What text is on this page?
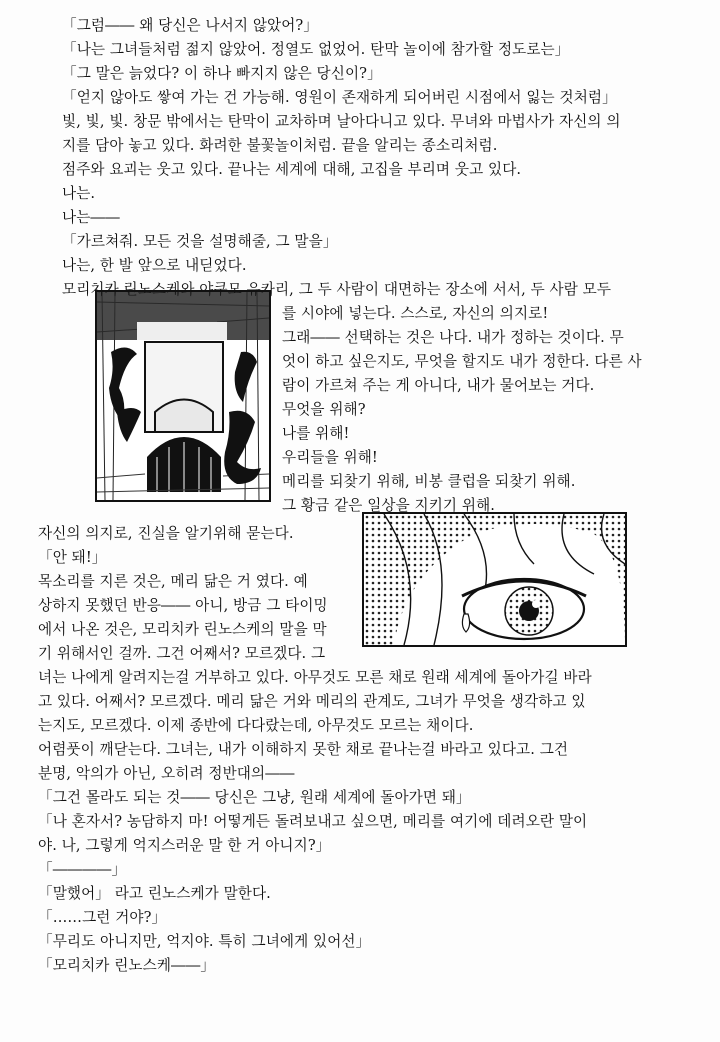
「그럼―― 왜 당신은 나서지 않았어?」
「나는 그녀들처럼 젊지 않았어. 정열도 없었어. 탄막 놀이에 참가할 정도로는」
「그 말은 늙었다? 이 하나 빠지지 않은 당신이?」
「얻지 않아도 쌓여 가는 건 가능해. 영원이 존재하게 되어버린 시점에서 잃는 것처럼」
빛, 빛, 빛. 창문 밖에서는 탄막이 교차하며 날아다니고 있다. 무녀와 마법사가 자신의 의
지를 담아 놓고 있다. 화려한 불꽃놀이처럼. 끝을 알리는 종소리처럼.
점주와 요괴는 웃고 있다. 끝나는 세계에 대해, 고집을 부리며 웃고 있다.
나는.
나는――
「가르쳐줘. 모든 것을 설명해줄, 그 말을」
나는, 한 발 앞으로 내딛었다.
모리치카 린노스케와 야쿠모 유카리, 그 두 사람이 대면하는 장소에 서서, 두 사람 모두
를 시야에 넣는다. 스스로, 자신의 의지로!
그래―― 선택하는 것은 나다. 내가 정하는 것이다. 무
엇이 하고 싶은지도, 무엇을 할지도 내가 정한다. 다른 사
람이 가르쳐 주는 게 아니다, 내가 물어보는 거다.
무엇을 위해?
나를 위해!
우리들을 위해!
메리를 되찾기 위해, 비봉 클럽을 되찾기 위해.
그 황금 같은 일상을 지키기 위해.
자신의 의지로, 진실을 알기위해 묻는다.
「안 돼!」
목소리를 지른 것은, 메리 닮은 거 였다. 예
상하지 못했던 반응―― 아니, 방금 그 타이밍
에서 나온 것은, 모리치카 린노스케의 말을 막
기 위해서인 걸까. 그건 어째서? 모르겠다. 그
녀는 나에게 알려지는걸 거부하고 있다. 아무것도 모른 채로 원래 세계에 돌아가길 바라
고 있다. 어째서? 모르겠다. 메리 닮은 거와 메리의 관계도, 그녀가 무엇을 생각하고 있
는지도, 모르겠다. 이제 종반에 다다랐는데, 아무것도 모르는 채이다.
어렴풋이 깨닫는다. 그녀는, 내가 이해하지 못한 채로 끝나는걸 바라고 있다고. 그건
분명, 악의가 아닌, 오히려 정반대의――
「그건 몰라도 되는 것―― 당신은 그냥, 원래 세계에 돌아가면 돼」
「나 혼자서? 농담하지 마! 어떻게든 돌려보내고 싶으면, 메리를 여기에 데려오란 말이
야. 나, 그렇게 억지스러운 말 한 거 아니지?」
「――――」
「말했어」 라고 린노스케가 말한다.
「……그런 거야?」
「무리도 아니지만, 억지야. 특히 그녀에게 있어선」
「모리치카 린노스케――」
